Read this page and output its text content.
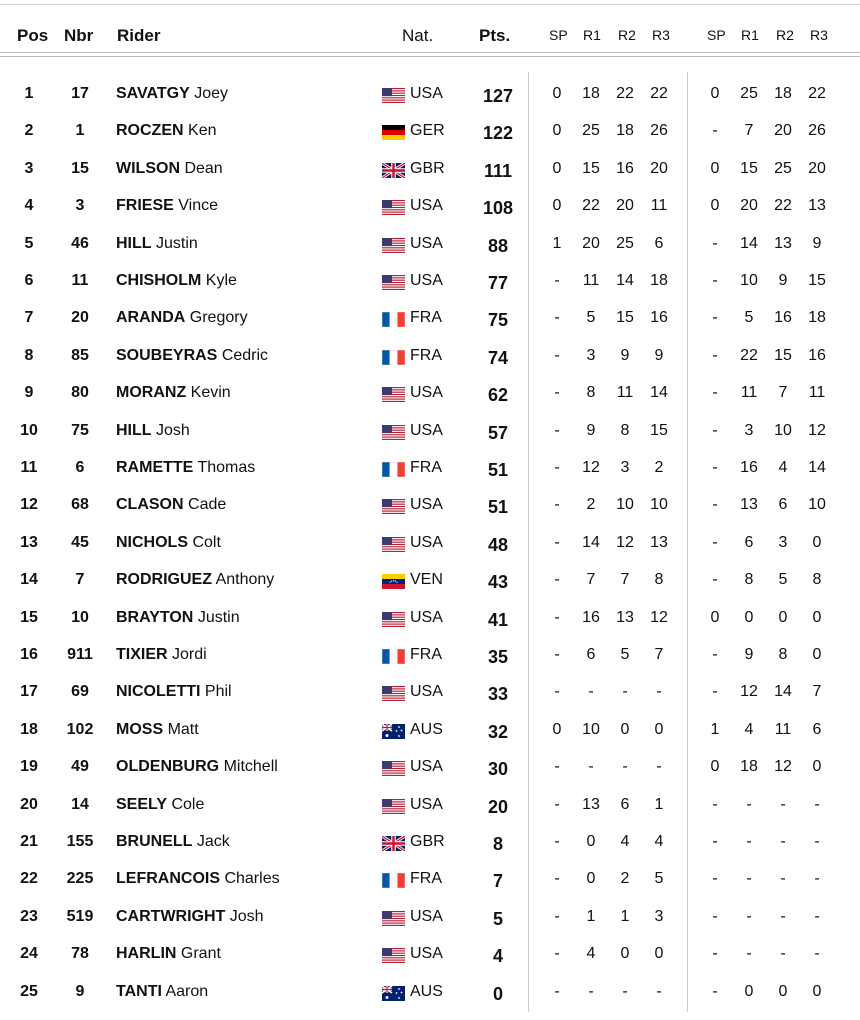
Pos Nbr Rider	Nat.	Pts.	SP R1 R2 R3	SP R1 R2 R3
1	17	SAVATGY Joey	USA	127	0	18	22	22	0	25	18	22
2	1	ROCZEN Ken	GER	122	0	25	18	26	-	7	20	26
3	15	WILSON Dean	GBR	111	0	15	16	20	0	15	25	20
4	3	FRIESE Vince	USA	108	0	22	20	11	0	20	22	13
5	46	HILL Justin	USA	88	1	20	25	6	-	14	13	9
6	11	CHISHOLM Kyle	USA	77	-	11	14	18	-	10	9	15
7	20	ARANDA Gregory	FRA	75	-	5	15	16	-	5	16	18
8	85	SOUBEYRAS Cedric	FRA	74	-	3	9	9	-	22	15	16
9	80	MORANZ Kevin	USA	62	-	8	11	14	-	11	7	11
10	75	HILL Josh	USA	57	-	9	8	15	-	3	10	12
11	6	RAMETTE Thomas	FRA	51	-	12	3	2	-	16	4	14
12	68	CLASON Cade	USA	51	-	2	10	10	-	13	6	10
13	45	NICHOLS Colt	USA	48	-	14	12	13	-	6	3	0
14	7	RODRIGUEZ Anthony	VEN	43	-	7	7	8	-	8	5	8
15	10	BRAYTON Justin	USA	41	-	16	13	12	0	0	0	0
16	911	TIXIER Jordi	FRA	35	-	6	5	7	-	9	8	0
17	69	NICOLETTI Phil	USA	33	-	-	-	-	-	12	14	7
18	102	MOSS Matt	AUS	32	0	10	0	0	1	4	11	6
19	49	OLDENBURG Mitchell	USA	30	-	-	-	-	0	18	12	0
20	14	SEELY Cole	USA	20	-	13	6	1	-	-	-	-
21	155	BRUNELL Jack	GBR	8	-	0	4	4	-	-	-	-
22	225	LEFRANCOIS Charles	FRA	7	-	0	2	5	-	-	-	-
23	519	CARTWRIGHT Josh	USA	5	-	1	1	3	-	-	-	-
24	78	HARLIN Grant	USA	4	-	4	0	0	-	-	-	-
25	9	TANTI Aaron	AUS	0	-	-	-	-	-	0	0	0
